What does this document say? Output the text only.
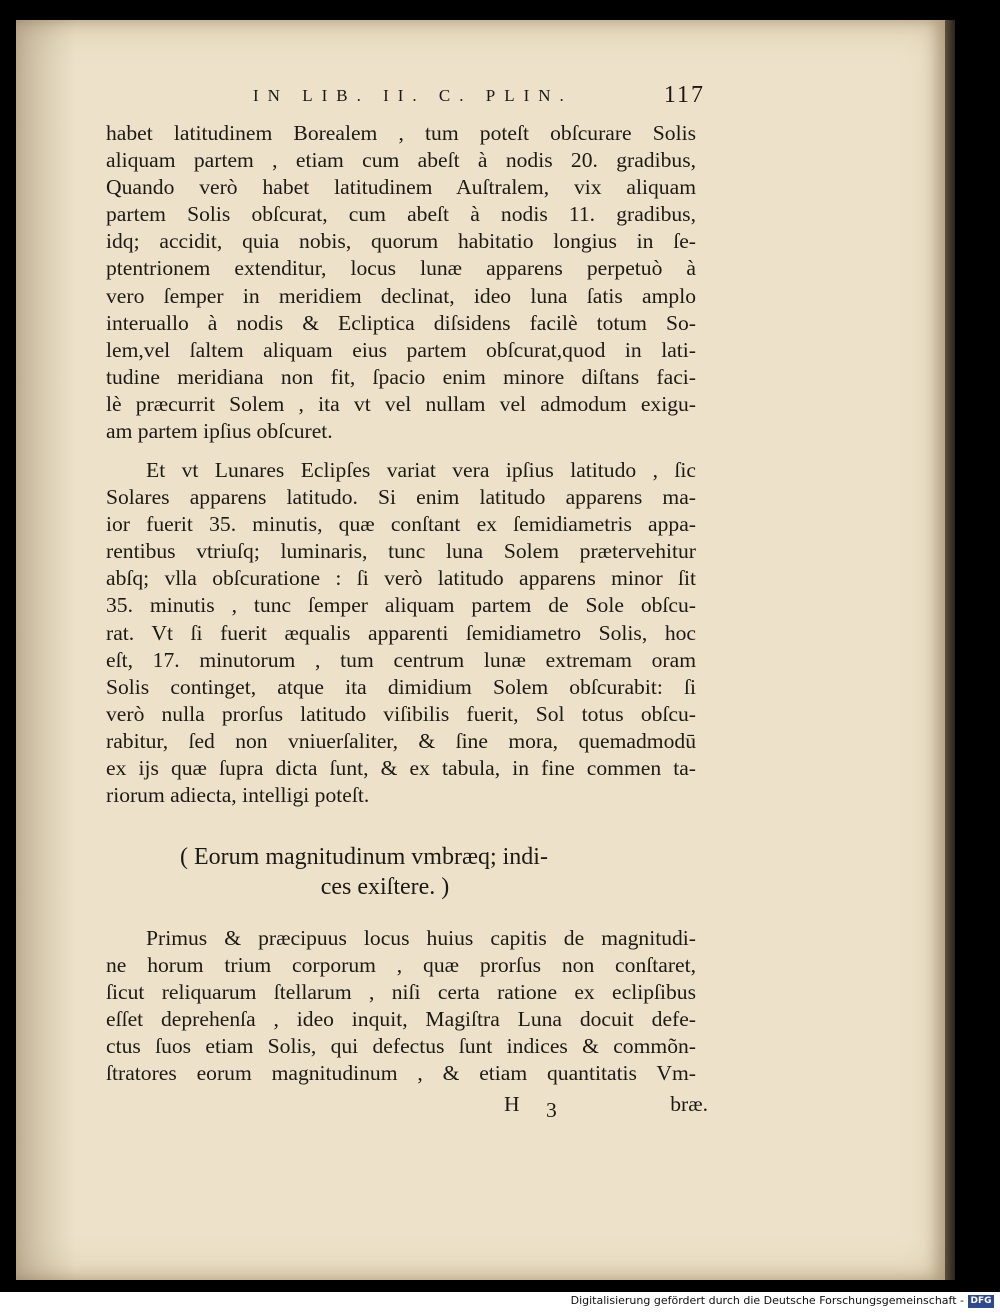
IN LIB. II. C. PLIN.	117
habet latitudinem Borealem , tum poteſt obſcurare Solis
aliquam partem , etiam cum abeſt à nodis 20. gradibus,
Quando verò habet latitudinem Auſtralem, vix aliquam
partem Solis obſcurat, cum abeſt à nodis 11. gradibus,
idq; accidit, quia nobis, quorum habitatio longius in ſe-
ptentrionem extenditur, locus lunæ apparens perpetuò à
vero ſemper in meridiem declinat, ideo luna ſatis amplo
interuallo à nodis & Ecliptica diſsidens facilè totum So-
lem,vel ſaltem aliquam eius partem obſcurat,quod in lati-
tudine meridiana non fit, ſpacio enim minore diſtans faci-
lè præcurrit Solem , ita vt vel nullam vel admodum exigu-
am partem ipſius obſcuret.
Et vt Lunares Eclipſes variat vera ipſius latitudo , ſic
Solares apparens latitudo. Si enim latitudo apparens ma-
ior fuerit 35. minutis, quæ conſtant ex ſemidiametris appa-
rentibus vtriuſq; luminaris, tunc luna Solem prætervehitur
abſq; vlla obſcuratione : ſi verò latitudo apparens minor ſit
35. minutis , tunc ſemper aliquam partem de Sole obſcu-
rat. Vt ſi fuerit æqualis apparenti ſemidiametro Solis, hoc
eſt, 17. minutorum , tum centrum lunæ extremam oram
Solis continget, atque ita dimidium Solem obſcurabit: ſi
verò nulla prorſus latitudo viſibilis fuerit, Sol totus obſcu-
rabitur, ſed non vniuerſaliter, & ſine mora, quemadmodū
ex ijs quæ ſupra dicta ſunt, & ex tabula, in fine commen ta-
riorum adiecta, intelligi poteſt.
( Eorum magnitudinum vmbræq; indi-
ces exiſtere. )
Primus & præcipuus locus huius capitis de magnitudi-
ne horum trium corporum , quæ prorſus non conſtaret,
ſicut reliquarum ſtellarum , niſi certa ratione ex eclipſibus
eſſet deprehenſa , ideo inquit, Magiſtra Luna docuit defe-
ctus ſuos etiam Solis, qui defectus ſunt indices & commõn-
ſtratores eorum magnitudinum , & etiam quantitatis Vm-
H 3	bræ.
Digitalisierung gefördert durch die Deutsche Forschungsgemeinschaft - DFG
